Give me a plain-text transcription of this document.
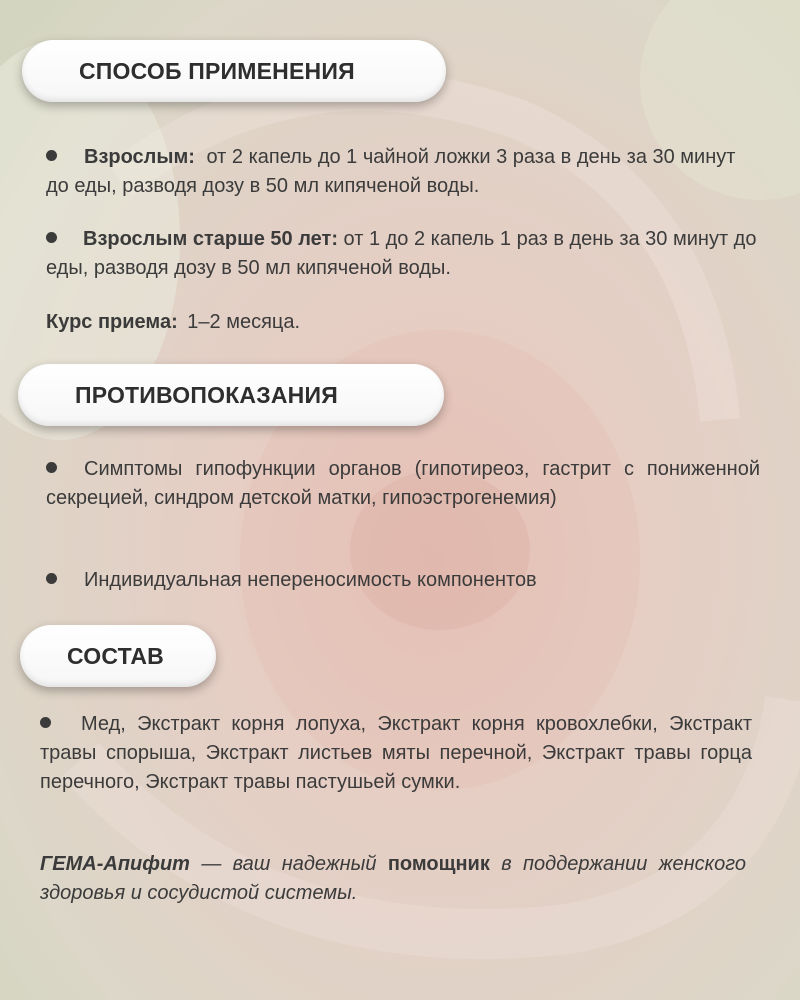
СПОСОБ ПРИМЕНЕНИЯ
Взрослым: от 2 капель до 1 чайной ложки 3 раза в день за 30 минут до еды, разводя дозу в 50 мл кипяченой воды.
Взрослым старше 50 лет: от 1 до 2 капель 1 раз в день за 30 минут до еды, разводя дозу в 50 мл кипяченой воды.
Курс приема: 1–2 месяца.
ПРОТИВОПОКАЗАНИЯ
Симптомы гипофункции органов (гипотиреоз, гастрит с пониженной секрецией, синдром детской матки, гипоэстрогенемия)
Индивидуальная непереносимость компонентов
СОСТАВ
Мед, Экстракт корня лопуха, Экстракт корня кровохлебки, Экстракт травы спорыша, Экстракт листьев мяты перечной, Экстракт травы горца перечного, Экстракт травы пастушьей сумки.
ГЕМА-Апифит — ваш надежный помощник в поддержании женского здоровья и сосудистой системы.
